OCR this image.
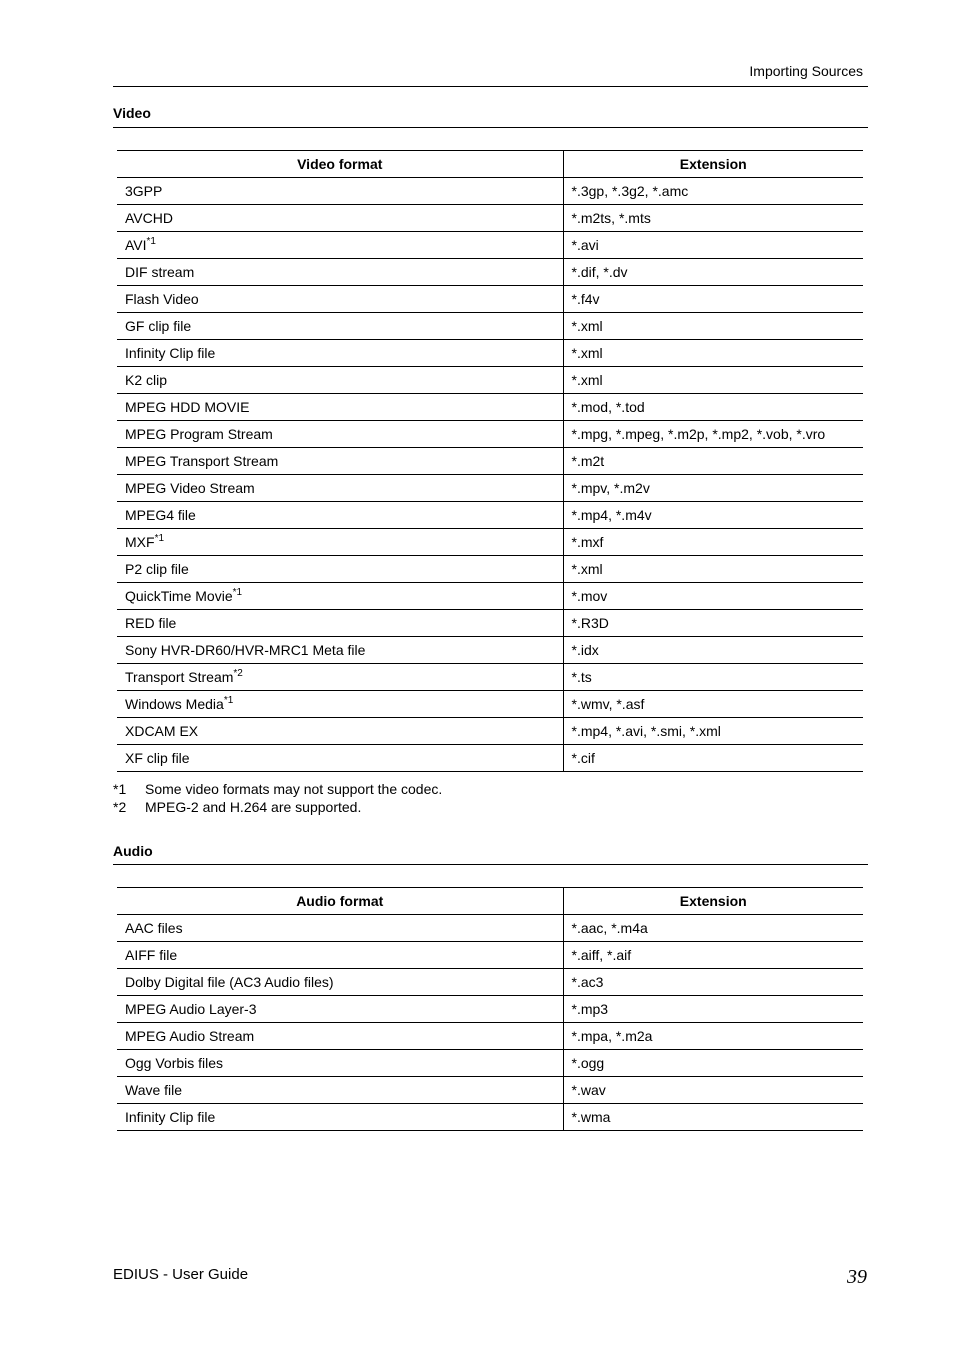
Importing Sources
Video
Video format	Extension
3GPP	*.3gp, *.3g2, *.amc
AVCHD	*.m2ts, *.mts
AVI$^{*1}$	*.avi
DIF stream	*.dif, *.dv
Flash Video	*.f4v
GF clip file	*.xml
Infinity Clip file	*.xml
K2 clip	*.xml
MPEG HDD MOVIE	*.mod, *.tod
MPEG Program Stream	*.mpg, *.mpeg, *.m2p, *.mp2, *.vob, *.vro
MPEG Transport Stream	*.m2t
MPEG Video Stream	*.mpv, *.m2v
MPEG4 file	*.mp4, *.m4v
MXF$^{*1}$	*.mxf
P2 clip file	*.xml
QuickTime Movie$^{*1}$	*.mov
RED file	*.R3D
Sony HVR-DR60/HVR-MRC1 Meta file	*.idx
Transport Stream$^{*2}$	*.ts
Windows Media$^{*1}$	*.wmv, *.asf
XDCAM EX	*.mp4, *.avi, *.smi, *.xml
XF clip file	*.cif
*1	Some video formats may not support the codec.
*2	MPEG-2 and H.264 are supported.
Audio
Audio format	Extension
AAC files	*.aac, *.m4a
AIFF file	*.aiff, *.aif
Dolby Digital file (AC3 Audio files)	*.ac3
MPEG Audio Layer-3	*.mp3
MPEG Audio Stream	*.mpa, *.m2a
Ogg Vorbis files	*.ogg
Wave file	*.wav
Infinity Clip file	*.wma
EDIUS - User Guide	39
